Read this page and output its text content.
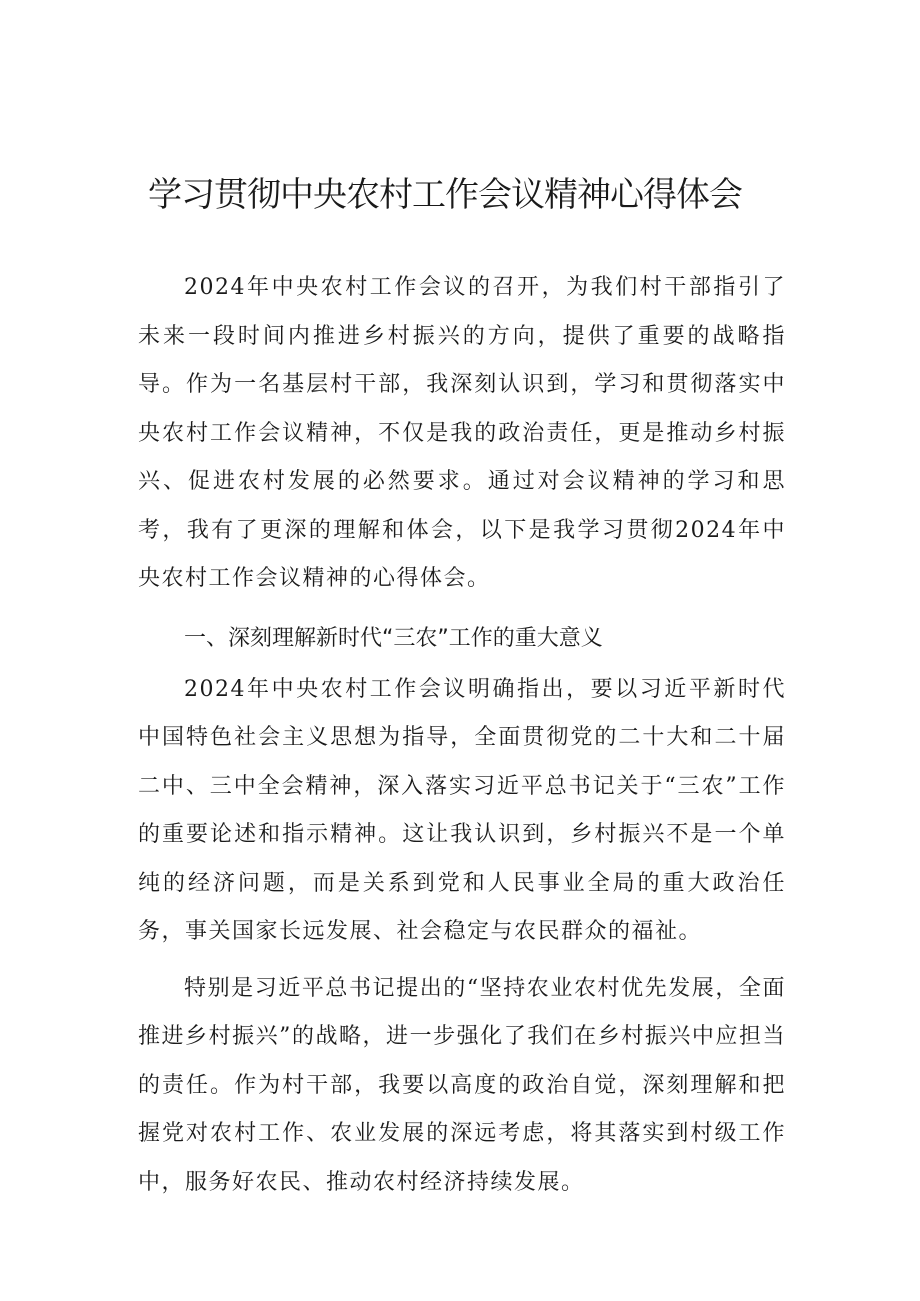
学习贯彻中央农村工作会议精神心得体会

2024年中央农村工作会议的召开，为我们村干部指引了未来一段时间内推进乡村振兴的方向，提供了重要的战略指导。作为一名基层村干部，我深刻认识到，学习和贯彻落实中央农村工作会议精神，不仅是我的政治责任，更是推动乡村振兴、促进农村发展的必然要求。通过对会议精神的学习和思考，我有了更深的理解和体会，以下是我学习贯彻2024年中央农村工作会议精神的心得体会。

一、深刻理解新时代“三农”工作的重大意义

2024年中央农村工作会议明确指出，要以习近平新时代中国特色社会主义思想为指导，全面贯彻党的二十大和二十届二中、三中全会精神，深入落实习近平总书记关于“三农”工作的重要论述和指示精神。这让我认识到，乡村振兴不是一个单纯的经济问题，而是关系到党和人民事业全局的重大政治任务，事关国家长远发展、社会稳定与农民群众的福祉。

特别是习近平总书记提出的“坚持农业农村优先发展，全面推进乡村振兴”的战略，进一步强化了我们在乡村振兴中应担当的责任。作为村干部，我要以高度的政治自觉，深刻理解和把握党对农村工作、农业发展的深远考虑，将其落实到村级工作中，服务好农民、推动农村经济持续发展。
